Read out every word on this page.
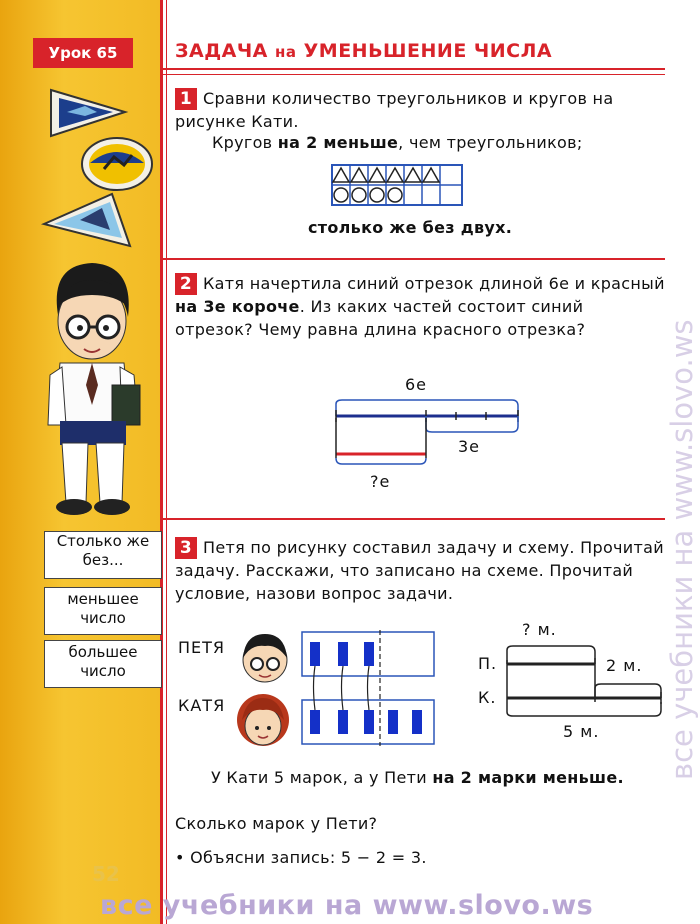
Урок 65
Столько же без...
меньшее число
большее число
52
ЗАДАЧА на УМЕНЬШЕНИЕ ЧИСЛА
1 Сравни количество треугольников и кругов на рисунке Кати.
Кругов на 2 меньше, чем треугольников;
столько же без двух.
2 Катя начертила синий отрезок длиной 6е и красный на 3е короче. Из каких частей состоит синий отрезок? Чему равна длина красного отрезка?
6е
3е
?е
3 Петя по рисунку составил задачу и схему. Прочитай задачу. Расскажи, что записано на схеме. Прочитай условие, назови вопрос задачи.
ПЕТЯ
КАТЯ
? м.
П.
К.
2 м.
5 м.
У Кати 5 марок, а у Пети на 2 марки меньше.
Сколько марок у Пети?
• Объясни запись: 5 − 2 = 3.
все учебники на www.slovo.ws
все учебники на www.slovo.ws
